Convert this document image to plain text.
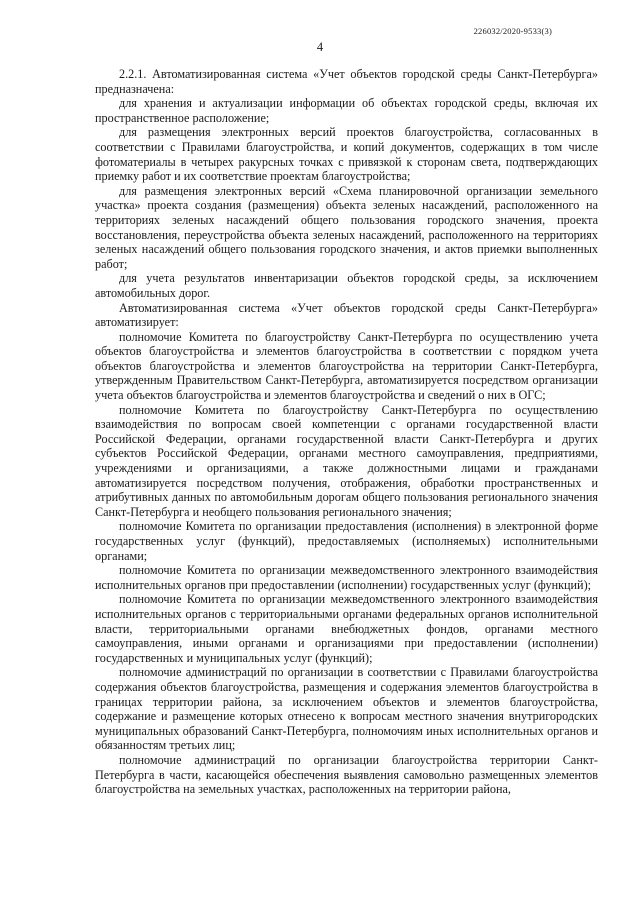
226032/2020-9533(3)
4

2.2.1. Автоматизированная система «Учет объектов городской среды Санкт-Петербурга» предназначена:

для хранения и актуализации информации об объектах городской среды, включая их пространственное расположение;

для размещения электронных версий проектов благоустройства, согласованных в соответствии с Правилами благоустройства, и копий документов, содержащих в том числе фотоматериалы в четырех ракурсных точках с привязкой к сторонам света, подтверждающих приемку работ и их соответствие проектам благоустройства;

для размещения электронных версий «Схема планировочной организации земельного участка» проекта создания (размещения) объекта зеленых насаждений, расположенного на территориях зеленых насаждений общего пользования городского значения, проекта восстановления, переустройства объекта зеленых насаждений, расположенного на территориях зеленых насаждений общего пользования городского значения, и актов приемки выполненных работ;

для учета результатов инвентаризации объектов городской среды, за исключением автомобильных дорог.

Автоматизированная система «Учет объектов городской среды Санкт-Петербурга» автоматизирует:

полномочие Комитета по благоустройству Санкт-Петербурга по осуществлению учета объектов благоустройства и элементов благоустройства в соответствии с порядком учета объектов благоустройства и элементов благоустройства на территории Санкт-Петербурга, утвержденным Правительством Санкт-Петербурга, автоматизируется посредством организации учета объектов благоустройства и элементов благоустройства и сведений о них в ОГС;

полномочие Комитета по благоустройству Санкт-Петербурга по осуществлению взаимодействия по вопросам своей компетенции с органами государственной власти Российской Федерации, органами государственной власти Санкт-Петербурга и других субъектов Российской Федерации, органами местного самоуправления, предприятиями, учреждениями и организациями, а также должностными лицами и гражданами автоматизируется посредством получения, отображения, обработки пространственных и атрибутивных данных по автомобильным дорогам общего пользования регионального значения Санкт-Петербурга и необщего пользования регионального значения;

полномочие Комитета по организации предоставления (исполнения) в электронной форме государственных услуг (функций), предоставляемых (исполняемых) исполнительными органами;

полномочие Комитета по организации межведомственного электронного взаимодействия исполнительных органов при предоставлении (исполнении) государственных услуг (функций);

полномочие Комитета по организации межведомственного электронного взаимодействия исполнительных органов с территориальными органами федеральных органов исполнительной власти, территориальными органами внебюджетных фондов, органами местного самоуправления, иными органами и организациями при предоставлении (исполнении) государственных и муниципальных услуг (функций);

полномочие администраций по организации в соответствии с Правилами благоустройства содержания объектов благоустройства, размещения и содержания элементов благоустройства в границах территории района, за исключением объектов и элементов благоустройства, содержание и размещение которых отнесено к вопросам местного значения внутригородских муниципальных образований Санкт-Петербурга, полномочиям иных исполнительных органов и обязанностям третьих лиц;

полномочие администраций по организации благоустройства территории Санкт-Петербурга в части, касающейся обеспечения выявления самовольно размещенных элементов благоустройства на земельных участках, расположенных на территории района,
